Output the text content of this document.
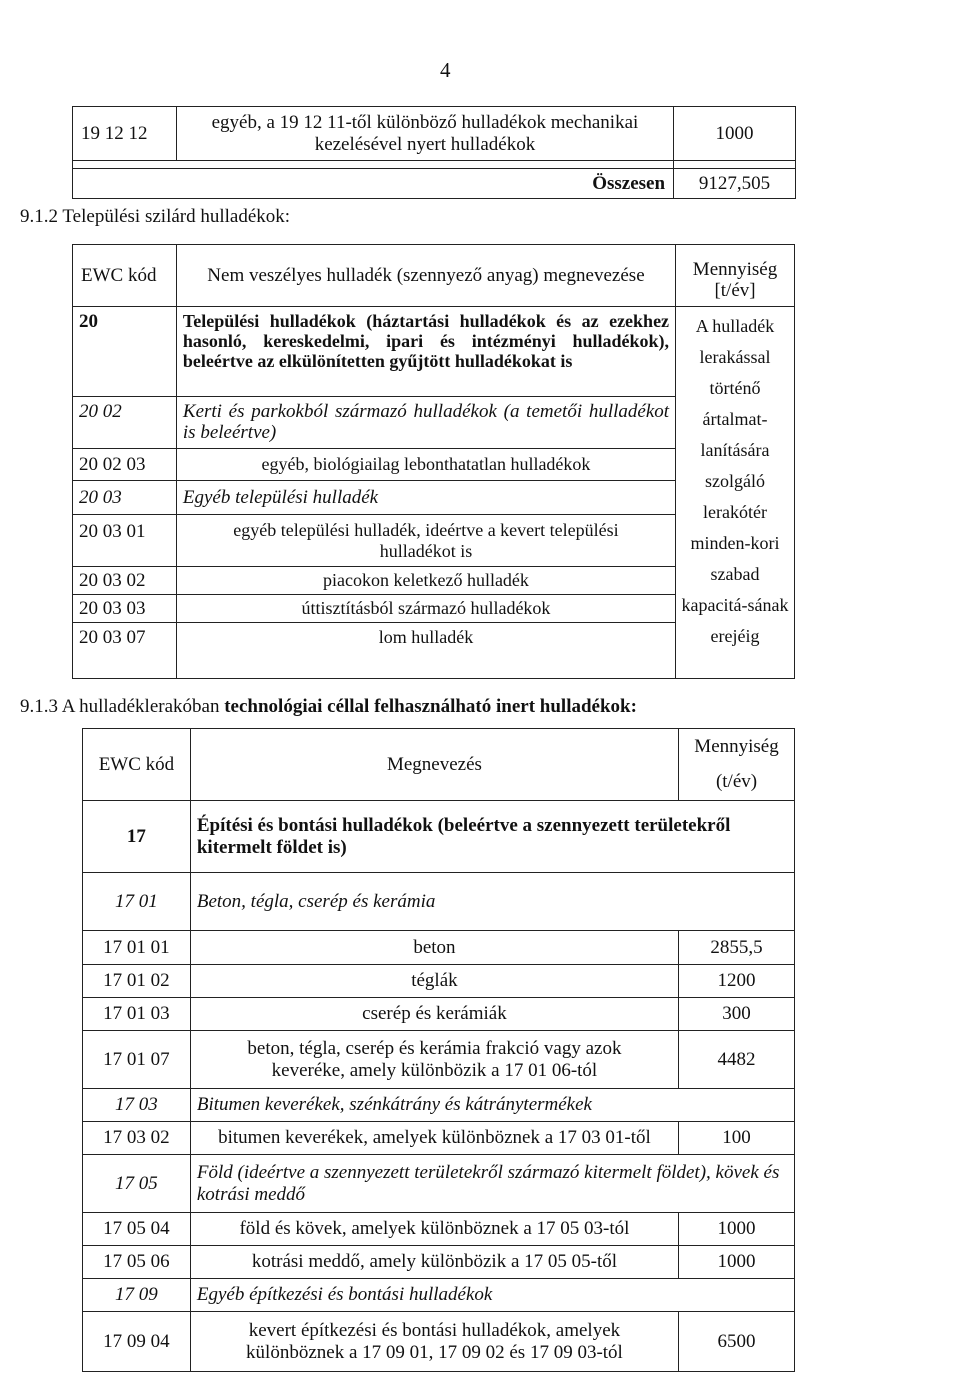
4
19 12 12	egyéb, a 19 12 11-től különböző hulladékok mechanikai kezelésével nyert hulladékok	1000

Összesen		9127,505
9.1.2 Települési szilárd hulladékok:
EWC kód	Nem veszélyes hulladék (szennyező anyag) megnevezése	Mennyiség [t/év]
20	Települési hulladékok (háztartási hulladékok és az ezekhez hasonló, kereskedelmi, ipari és intézményi hulladékok), beleértve az elkülönítetten gyűjtött hulladékokat is	A hulladék lerakással történő ártalmat-lanítására szolgáló lerakótér minden-kori szabad kapacitá-sának erejéig
20 02	Kerti és parkokból származó hulladékok (a temetői hulladékot is beleértve)	
20 02 03	egyéb, biológiailag lebonthatatlan hulladékok	
20 03	Egyéb települési hulladék	
20 03 01	egyéb települési hulladék, ideértve a kevert települési hulladékot is	
20 03 02	piacokon keletkező hulladék	
20 03 03	úttisztításból származó hulladékok	
20 03 07	lom hulladék	
9.1.3 A hulladéklerakóban technológiai céllal felhasználható inert hulladékok:
EWC kód	Megnevezés	Mennyiség (t/év)
17	Építési és bontási hulladékok (beleértve a szennyezett területekről kitermelt földet is)	
17 01	Beton, tégla, cserép és kerámia	
17 01 01	beton	2855,5
17 01 02	téglák	1200
17 01 03	cserép és kerámiák	300
17 01 07	beton, tégla, cserép és kerámia frakció vagy azok keveréke, amely különbözik a 17 01 06-tól	4482
17 03	Bitumen keverékek, szénkátrány és kátránytermékek	
17 03 02	bitumen keverékek, amelyek különböznek a 17 03 01-től	100
17 05	Föld (ideértve a szennyezett területekről származó kitermelt földet), kövek és kotrási meddő	
17 05 04	föld és kövek, amelyek különböznek a 17 05 03-tól	1000
17 05 06	kotrási meddő, amely különbözik a 17 05 05-től	1000
17 09	Egyéb építkezési és bontási hulladékok	
17 09 04	kevert építkezési és bontási hulladékok, amelyek különböznek a 17 09 01, 17 09 02 és 17 09 03-tól	6500
